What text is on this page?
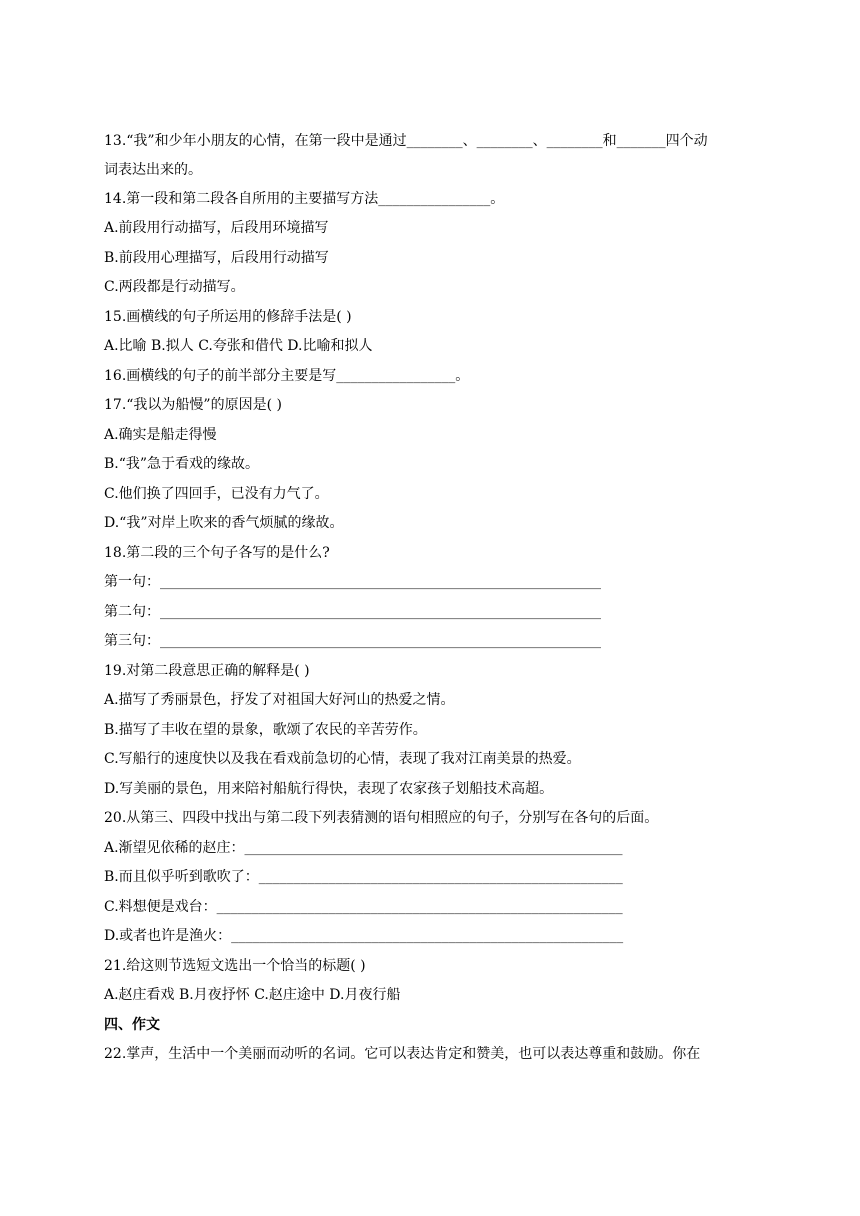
13.“我”和少年小朋友的心情，在第一段中是通过________、________、________和_______四个动
词表达出来的。
14.第一段和第二段各自所用的主要描写方法________________。
A.前段用行动描写，后段用环境描写
B.前段用心理描写，后段用行动描写
C.两段都是行动描写。
15.画横线的句子所运用的修辞手法是( )
A.比喻 B.拟人 C.夸张和借代 D.比喻和拟人
16.画横线的句子的前半部分主要是写_________________。
17.“我以为船慢”的原因是( )
A.确实是船走得慢
B.“我”急于看戏的缘故。
C.他们换了四回手，已没有力气了。
D.“我”对岸上吹来的香气烦腻的缘故。
18.第二段的三个句子各写的是什么?
第一句：_______________________________________________________________
第二句：_______________________________________________________________
第三句：_______________________________________________________________
19.对第二段意思正确的解释是( )
A.描写了秀丽景色，抒发了对祖国大好河山的热爱之情。
B.描写了丰收在望的景象，歌颂了农民的辛苦劳作。
C.写船行的速度快以及我在看戏前急切的心情，表现了我对江南美景的热爱。
D.写美丽的景色，用来陪衬船航行得快，表现了农家孩子划船技术高超。
20.从第三、四段中找出与第二段下列表猜测的语句相照应的句子，分别写在各句的后面。
A.渐望见依稀的赵庄：______________________________________________________
B.而且似乎听到歌吹了：____________________________________________________
C.料想便是戏台：__________________________________________________________
D.或者也许是渔火：________________________________________________________
21.给这则节选短文选出一个恰当的标题( )
A.赵庄看戏 B.月夜抒怀 C.赵庄途中 D.月夜行船
四、作文
22.掌声，生活中一个美丽而动听的名词。它可以表达肯定和赞美，也可以表达尊重和鼓励。你在
